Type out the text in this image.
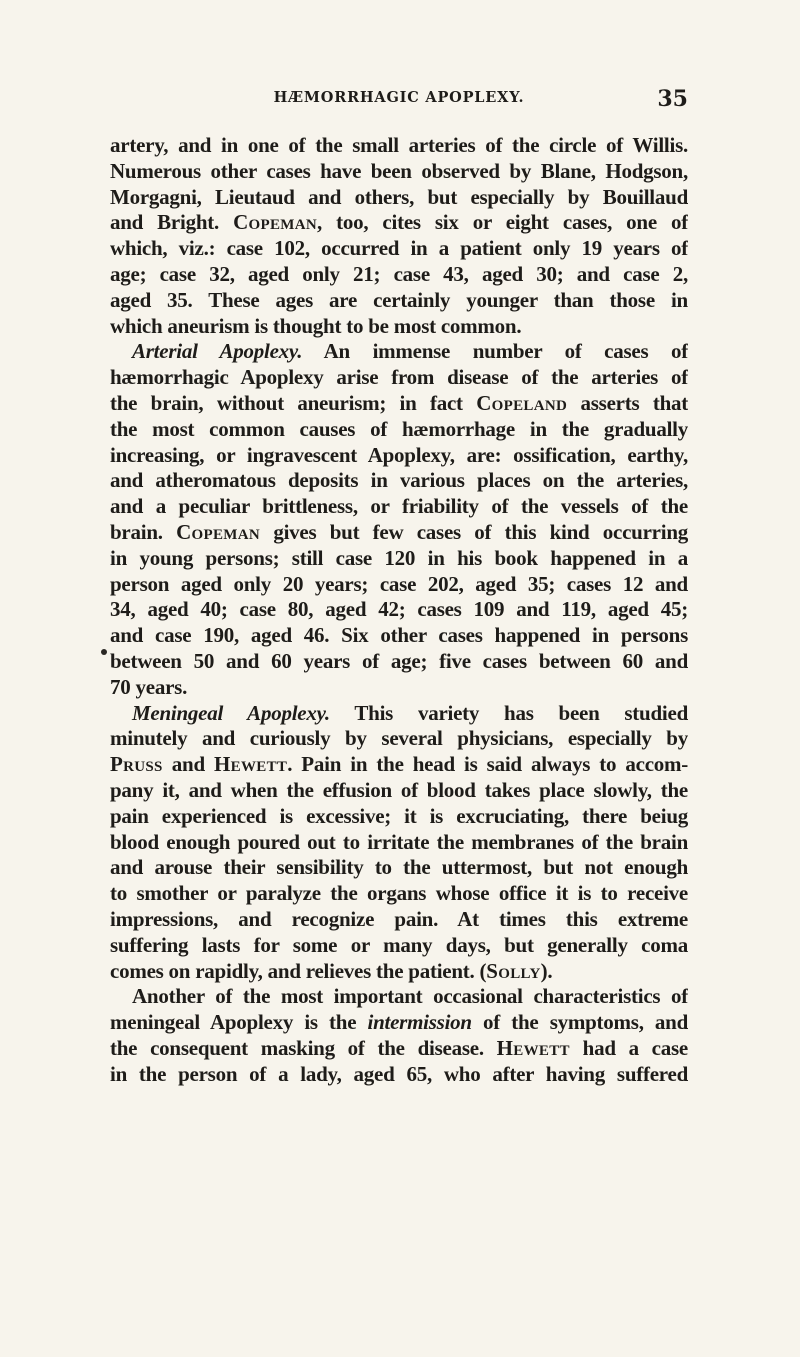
HÆMORRHAGIC APOPLEXY.	35
artery, and in one of the small arteries of the circle of Willis.
Numerous other cases have been observed by Blane, Hodgson,
Morgagni, Lieutaud and others, but especially by Bouillaud
and Bright. Copeman, too, cites six or eight cases, one of
which, viz.: case 102, occurred in a patient only 19 years of
age; case 32, aged only 21; case 43, aged 30; and case 2,
aged 35. These ages are certainly younger than those in
which aneurism is thought to be most common.
Arterial Apoplexy. An immense number of cases of
hæmorrhagic Apoplexy arise from disease of the arteries of
the brain, without aneurism; in fact Copeland asserts that
the most common causes of hæmorrhage in the gradually
increasing, or ingravescent Apoplexy, are: ossification, earthy,
and atheromatous deposits in various places on the arteries,
and a peculiar brittleness, or friability of the vessels of the
brain. Copeman gives but few cases of this kind occurring
in young persons; still case 120 in his book happened in a
person aged only 20 years; case 202, aged 35; cases 12 and
34, aged 40; case 80, aged 42; cases 109 and 119, aged 45;
and case 190, aged 46. Six other cases happened in persons
between 50 and 60 years of age; five cases between 60 and
70 years.
Meningeal Apoplexy. This variety has been studied
minutely and curiously by several physicians, especially by
Pruss and Hewett. Pain in the head is said always to accom-
pany it, and when the effusion of blood takes place slowly, the
pain experienced is excessive; it is excruciating, there beiug
blood enough poured out to irritate the membranes of the brain
and arouse their sensibility to the uttermost, but not enough
to smother or paralyze the organs whose office it is to receive
impressions, and recognize pain. At times this extreme
suffering lasts for some or many days, but generally coma
comes on rapidly, and relieves the patient. (Solly).
Another of the most important occasional characteristics of
meningeal Apoplexy is the intermission of the symptoms, and
the consequent masking of the disease. Hewett had a case
in the person of a lady, aged 65, who after having suffered
